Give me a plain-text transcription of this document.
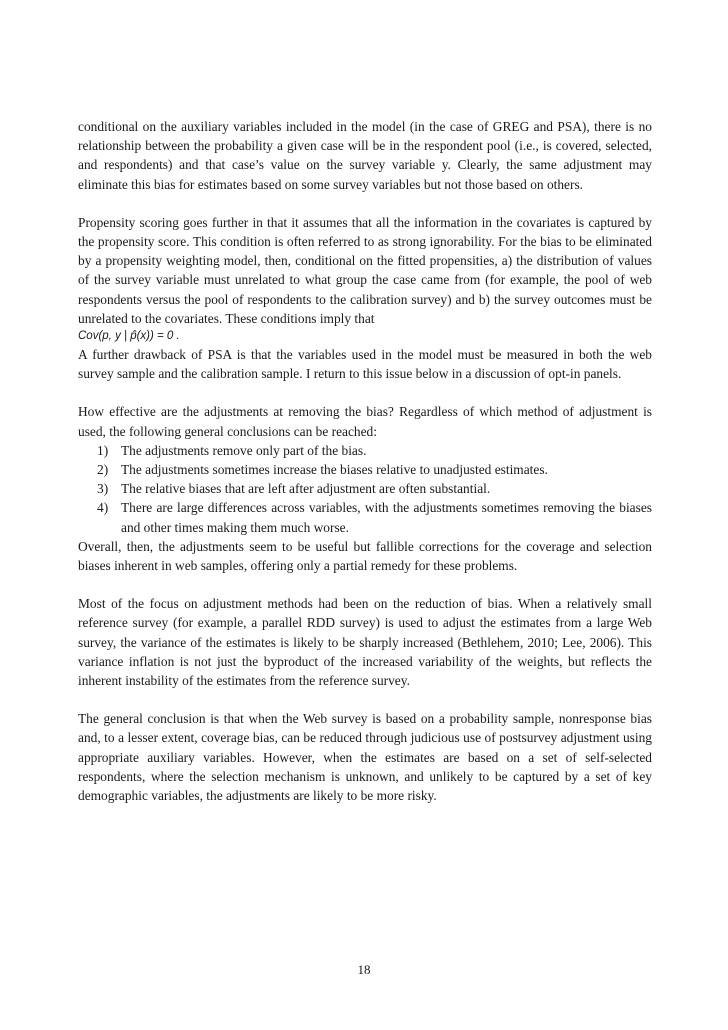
conditional on the auxiliary variables included in the model (in the case of GREG and PSA), there is no relationship between the probability a given case will be in the respondent pool (i.e., is covered, selected, and respondents) and that case’s value on the survey variable y. Clearly, the same adjustment may eliminate this bias for estimates based on some survey variables but not those based on others.

Propensity scoring goes further in that it assumes that all the information in the covariates is captured by the propensity score. This condition is often referred to as strong ignorability. For the bias to be eliminated by a propensity weighting model, then, conditional on the fitted propensities, a) the distribution of values of the survey variable must unrelated to what group the case came from (for example, the pool of web respondents versus the pool of respondents to the calibration survey) and b) the survey outcomes must be unrelated to the covariates. These conditions imply that

Cov(p, y | p̂(x)) = 0 .

A further drawback of PSA is that the variables used in the model must be measured in both the web survey sample and the calibration sample. I return to this issue below in a discussion of opt-in panels.

How effective are the adjustments at removing the bias? Regardless of which method of adjustment is used, the following general conclusions can be reached:

1) The adjustments remove only part of the bias.
2) The adjustments sometimes increase the biases relative to unadjusted estimates.
3) The relative biases that are left after adjustment are often substantial.
4) There are large differences across variables, with the adjustments sometimes removing the biases and other times making them much worse.

Overall, then, the adjustments seem to be useful but fallible corrections for the coverage and selection biases inherent in web samples, offering only a partial remedy for these problems.

Most of the focus on adjustment methods had been on the reduction of bias. When a relatively small reference survey (for example, a parallel RDD survey) is used to adjust the estimates from a large Web survey, the variance of the estimates is likely to be sharply increased (Bethlehem, 2010; Lee, 2006). This variance inflation is not just the byproduct of the increased variability of the weights, but reflects the inherent instability of the estimates from the reference survey.

The general conclusion is that when the Web survey is based on a probability sample, nonresponse bias and, to a lesser extent, coverage bias, can be reduced through judicious use of postsurvey adjustment using appropriate auxiliary variables. However, when the estimates are based on a set of self-selected respondents, where the selection mechanism is unknown, and unlikely to be captured by a set of key demographic variables, the adjustments are likely to be more risky.

18
